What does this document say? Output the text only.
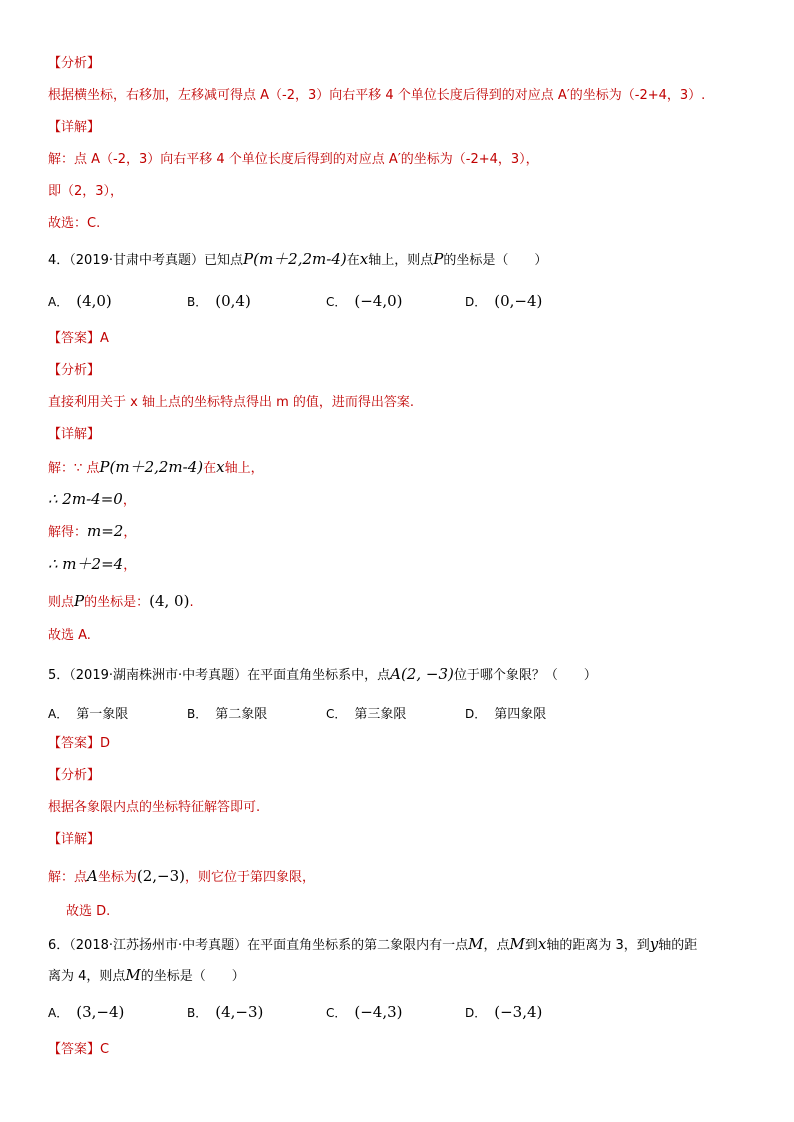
【分析】
根据横坐标，右移加，左移减可得点 A（-2，3）向右平移 4 个单位长度后得到的对应点 A′的坐标为（-2+4，3）.
【详解】
解：点 A（-2，3）向右平移 4 个单位长度后得到的对应点 A′的坐标为（-2+4，3），
即（2，3），
故选：C.
4．（2019·甘肃中考真题）已知点P(m＋2,2m-4)在x轴上，则点P的坐标是（　　）
A． (4,0)	B． (0,4)	C． (−4,0)	D． (0,−4)
【答案】A
【分析】
直接利用关于 x 轴上点的坐标特点得出 m 的值，进而得出答案.
【详解】
解：∵ 点P(m＋2,2m-4)在x轴上，
∴ 2m-4=0，
解得：m=2，
∴ m＋2=4，
则点P的坐标是：(4, 0).
故选 A.
5．（2019·湖南株洲市·中考真题）在平面直角坐标系中，点A(2, −3)位于哪个象限？（　　）
A． 第一象限	B． 第二象限	C． 第三象限	D． 第四象限
【答案】D
【分析】
根据各象限内点的坐标特征解答即可.
【详解】
解：点A坐标为(2,−3)，则它位于第四象限，
故选 D.
6．（2018·江苏扬州市·中考真题）在平面直角坐标系的第二象限内有一点M，点M到x轴的距离为 3，到y轴的距
离为 4，则点M的坐标是（　　）
A． (3,−4)	B． (4,−3)	C． (−4,3)	D． (−3,4)
【答案】C
